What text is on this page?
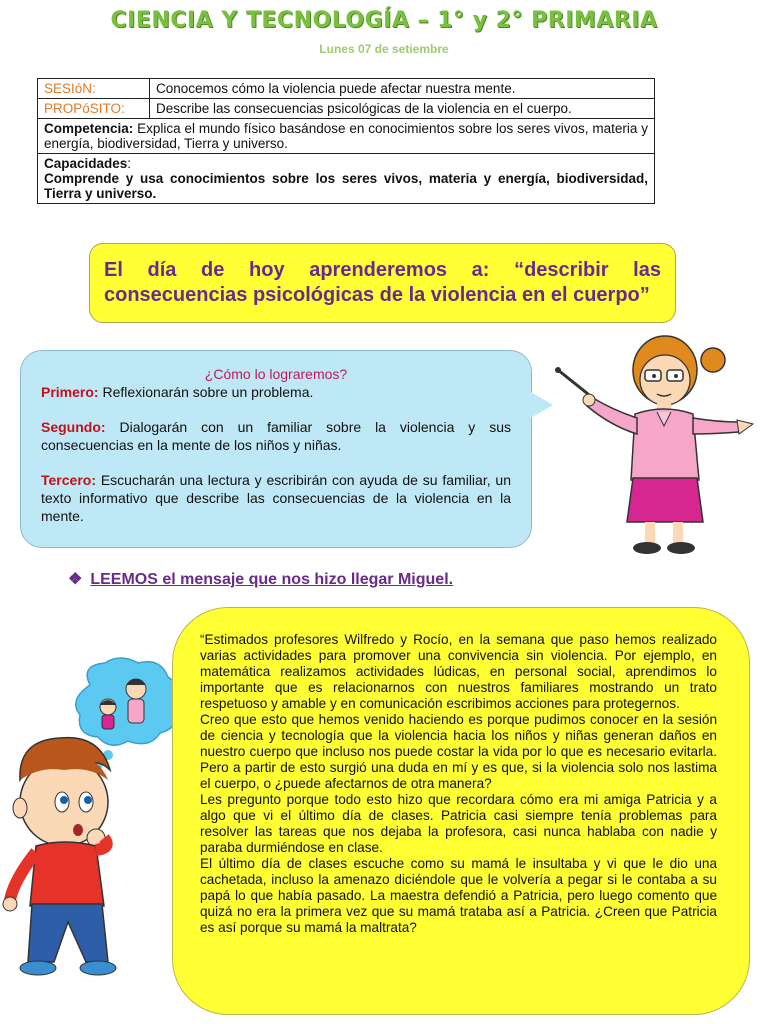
CIENCIA Y TECNOLOGÍA – 1° y 2° PRIMARIA
Lunes 07 de setiembre
SESIóN:	Conocemos cómo la violencia puede afectar nuestra mente.
PROPóSITO:	Describe las consecuencias psicológicas de la violencia en el cuerpo.
Competencia: Explica el mundo físico basándose en conocimientos sobre los seres vivos, materia y energía, biodiversidad, Tierra y universo.	
Capacidades:

Comprende y usa conocimientos sobre los seres vivos, materia y energía, biodiversidad, Tierra y universo.	
El día de hoy aprenderemos a: “describir las
consecuencias psicológicas de la violencia en el cuerpo”
¿Cómo lo lograremos?

Primero: Reflexionarán sobre un problema.

Segundo: Dialogarán con un familiar sobre la violencia y sus consecuencias en la mente de los niños y niñas.

Tercero: Escucharán una lectura y escribirán con ayuda de su familiar, un texto informativo que describe las consecuencias de la violencia en la mente.

❖ LEEMOS el mensaje que nos hizo llegar Miguel.

“Estimados profesores Wilfredo y Rocío, en la semana que paso hemos realizado varias actividades para promover una convivencia sin violencia. Por ejemplo, en matemática realizamos actividades lúdicas, en personal social, aprendimos lo importante que es relacionarnos con nuestros familiares mostrando un trato respetuoso y amable y en comunicación escribimos acciones para protegernos.

Creo que esto que hemos venido haciendo es porque pudimos conocer en la sesión de ciencia y tecnología que la violencia hacia los niños y niñas generan daños en nuestro cuerpo que incluso nos puede costar la vida por lo que es necesario evitarla. Pero a partir de esto surgió una duda en mí y es que, si la violencia solo nos lastima el cuerpo, o ¿puede afectarnos de otra manera?

Les pregunto porque todo esto hizo que recordara cómo era mi amiga Patricia y a algo que vi el último día de clases. Patricia casi siempre tenía problemas para resolver las tareas que nos dejaba la profesora, casi nunca hablaba con nadie y paraba durmiéndose en clase.

El último día de clases escuche como su mamá le insultaba y vi que le dio una cachetada, incluso la amenazo diciéndole que le volvería a pegar si le contaba a su papá lo que había pasado. La maestra defendió a Patricia, pero luego comento que quizá no era la primera vez que su mamá trataba así a Patricia. ¿Creen que Patricia es así porque su mamá la maltrata?
